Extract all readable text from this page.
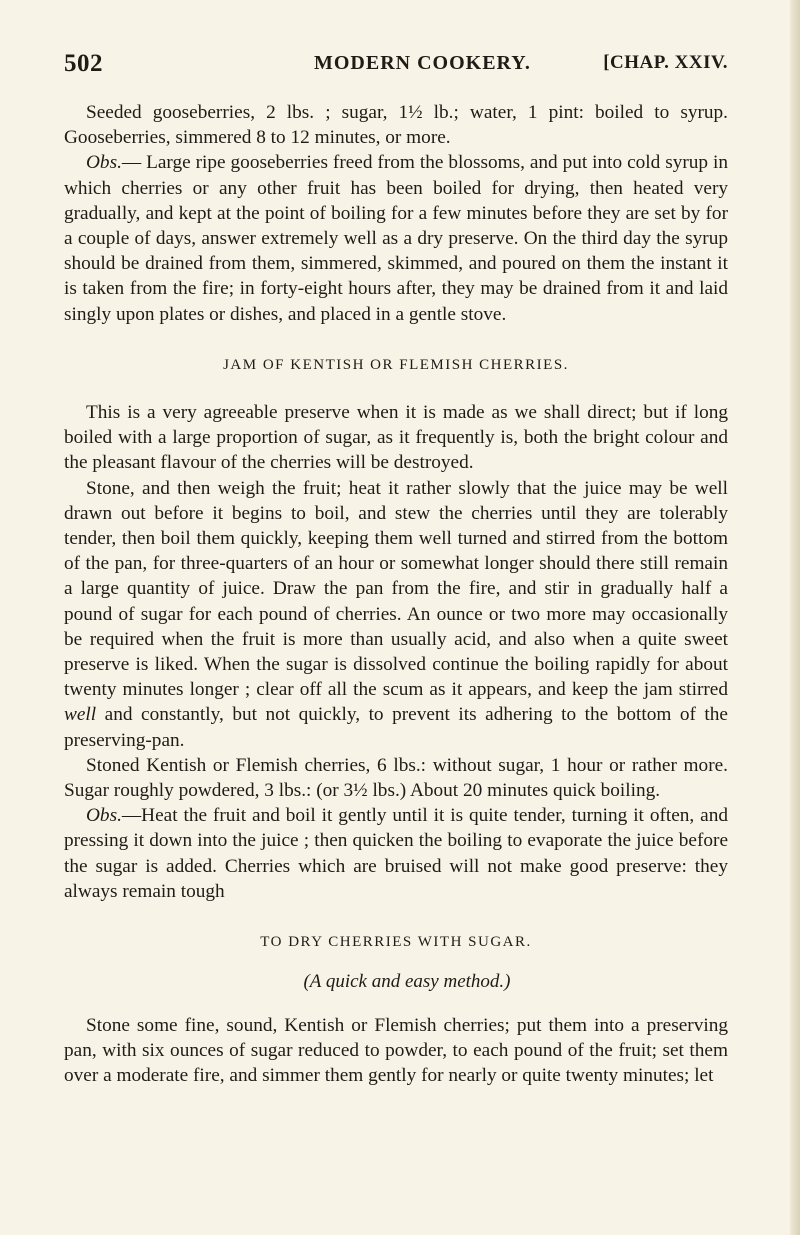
502	MODERN COOKERY.	[CHAP. XXIV.

Seeded gooseberries, 2 lbs. ; sugar, 1½ lb.; water, 1 pint: boiled to syrup. Gooseberries, simmered 8 to 12 minutes, or more.

Obs.— Large ripe gooseberries freed from the blossoms, and put into cold syrup in which cherries or any other fruit has been boiled for drying, then heated very gradually, and kept at the point of boiling for a few minutes before they are set by for a couple of days, answer extremely well as a dry preserve. On the third day the syrup should be drained from them, simmered, skimmed, and poured on them the instant it is taken from the fire; in forty-eight hours after, they may be drained from it and laid singly upon plates or dishes, and placed in a gentle stove.

JAM OF KENTISH OR FLEMISH CHERRIES.

This is a very agreeable preserve when it is made as we shall direct; but if long boiled with a large proportion of sugar, as it frequently is, both the bright colour and the pleasant flavour of the cherries will be destroyed.

Stone, and then weigh the fruit; heat it rather slowly that the juice may be well drawn out before it begins to boil, and stew the cherries until they are tolerably tender, then boil them quickly, keeping them well turned and stirred from the bottom of the pan, for three-quarters of an hour or somewhat longer should there still remain a large quantity of juice. Draw the pan from the fire, and stir in gradually half a pound of sugar for each pound of cherries. An ounce or two more may occasionally be required when the fruit is more than usually acid, and also when a quite sweet preserve is liked. When the sugar is dissolved continue the boiling rapidly for about twenty minutes longer ; clear off all the scum as it appears, and keep the jam stirred well and constantly, but not quickly, to prevent its adhering to the bottom of the preserving-pan.

Stoned Kentish or Flemish cherries, 6 lbs.: without sugar, 1 hour or rather more. Sugar roughly powdered, 3 lbs.: (or 3½ lbs.) About 20 minutes quick boiling.

Obs.—Heat the fruit and boil it gently until it is quite tender, turning it often, and pressing it down into the juice ; then quicken the boiling to evaporate the juice before the sugar is added. Cherries which are bruised will not make good preserve: they always remain tough

TO DRY CHERRIES WITH SUGAR.

(A quick and easy method.)

Stone some fine, sound, Kentish or Flemish cherries; put them into a preserving pan, with six ounces of sugar reduced to powder, to each pound of the fruit; set them over a moderate fire, and simmer them gently for nearly or quite twenty minutes; let
